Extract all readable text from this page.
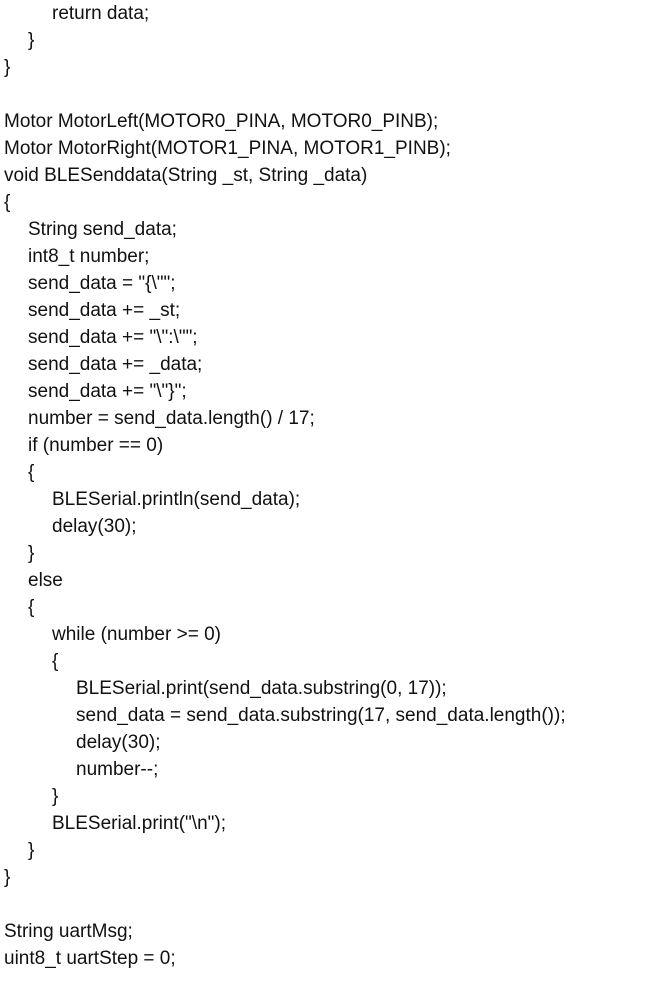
return data;
}
}
Motor MotorLeft(MOTOR0_PINA, MOTOR0_PINB);
Motor MotorRight(MOTOR1_PINA, MOTOR1_PINB);
void BLESenddata(String _st, String _data)
{
String send_data;
int8_t number;
send_data = "{\"";
send_data += _st;
send_data += "\":\"";
send_data += _data;
send_data += "\"}";
number = send_data.length() / 17;
if (number == 0)
{
BLESerial.println(send_data);
delay(30);
}
else
{
while (number >= 0)
{
BLESerial.print(send_data.substring(0, 17));
send_data = send_data.substring(17, send_data.length());
delay(30);
number--;
}
BLESerial.print("\n");
}
}
String uartMsg;
uint8_t uartStep = 0;
